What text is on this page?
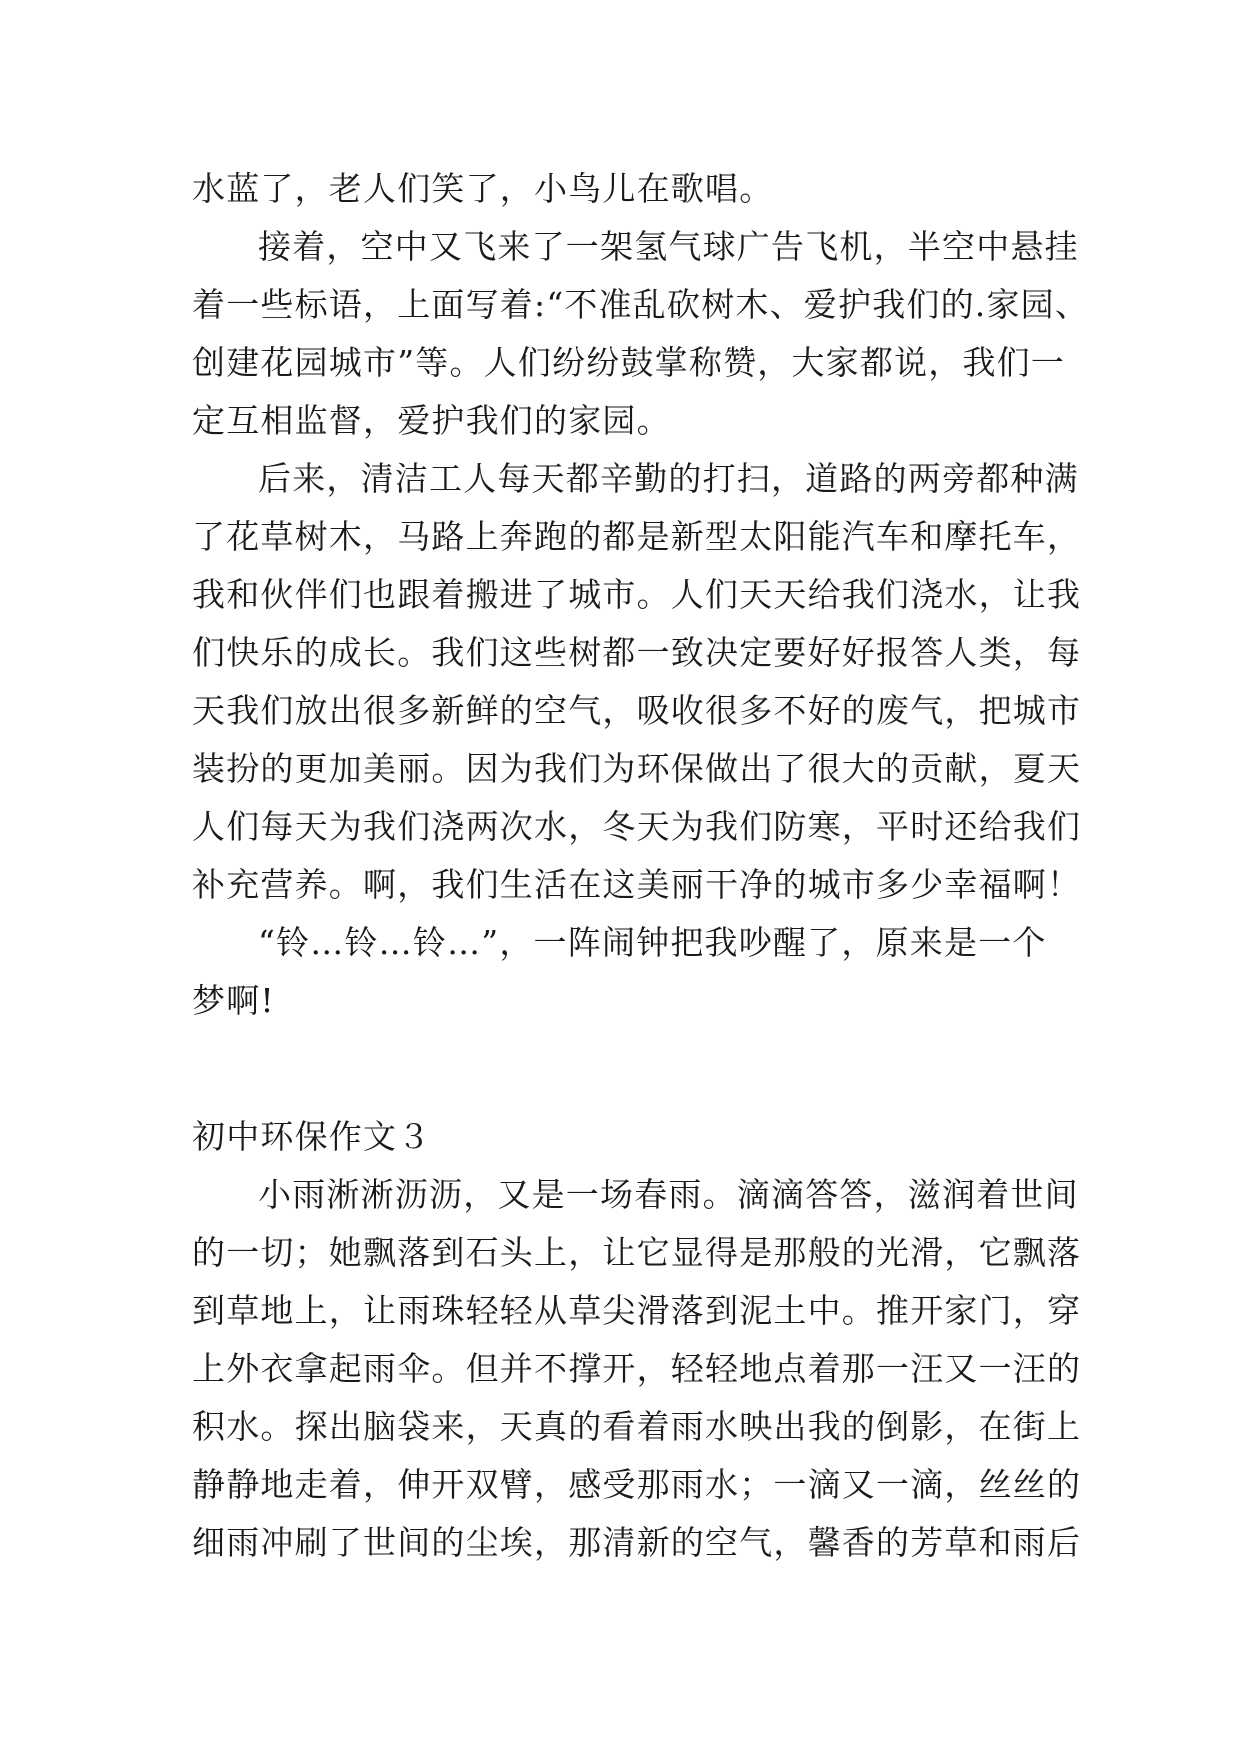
水蓝了，老人们笑了，小鸟儿在歌唱。
接着，空中又飞来了一架氢气球广告飞机，半空中悬挂
着一些标语，上面写着:“不准乱砍树木、爱护我们的.家园、
创建花园城市”等。人们纷纷鼓掌称赞，大家都说，我们一
定互相监督，爱护我们的家园。
后来，清洁工人每天都辛勤的打扫，道路的两旁都种满
了花草树木，马路上奔跑的都是新型太阳能汽车和摩托车，
我和伙伴们也跟着搬进了城市。人们天天给我们浇水，让我
们快乐的成长。我们这些树都一致决定要好好报答人类，每
天我们放出很多新鲜的空气，吸收很多不好的废气，把城市
装扮的更加美丽。因为我们为环保做出了很大的贡献，夏天
人们每天为我们浇两次水，冬天为我们防寒，平时还给我们
补充营养。啊，我们生活在这美丽干净的城市多少幸福啊！
“铃…铃…铃…”，一阵闹钟把我吵醒了，原来是一个
梦啊!
初中环保作文３
小雨淅淅沥沥，又是一场春雨。滴滴答答，滋润着世间
的一切；她飘落到石头上，让它显得是那般的光滑，它飘落
到草地上，让雨珠轻轻从草尖滑落到泥土中。推开家门，穿
上外衣拿起雨伞。但并不撑开，轻轻地点着那一汪又一汪的
积水。探出脑袋来，天真的看着雨水映出我的倒影，在街上
静静地走着，伸开双臂，感受那雨水；一滴又一滴，丝丝的
细雨冲刷了世间的尘埃，那清新的空气，馨香的芳草和雨后
